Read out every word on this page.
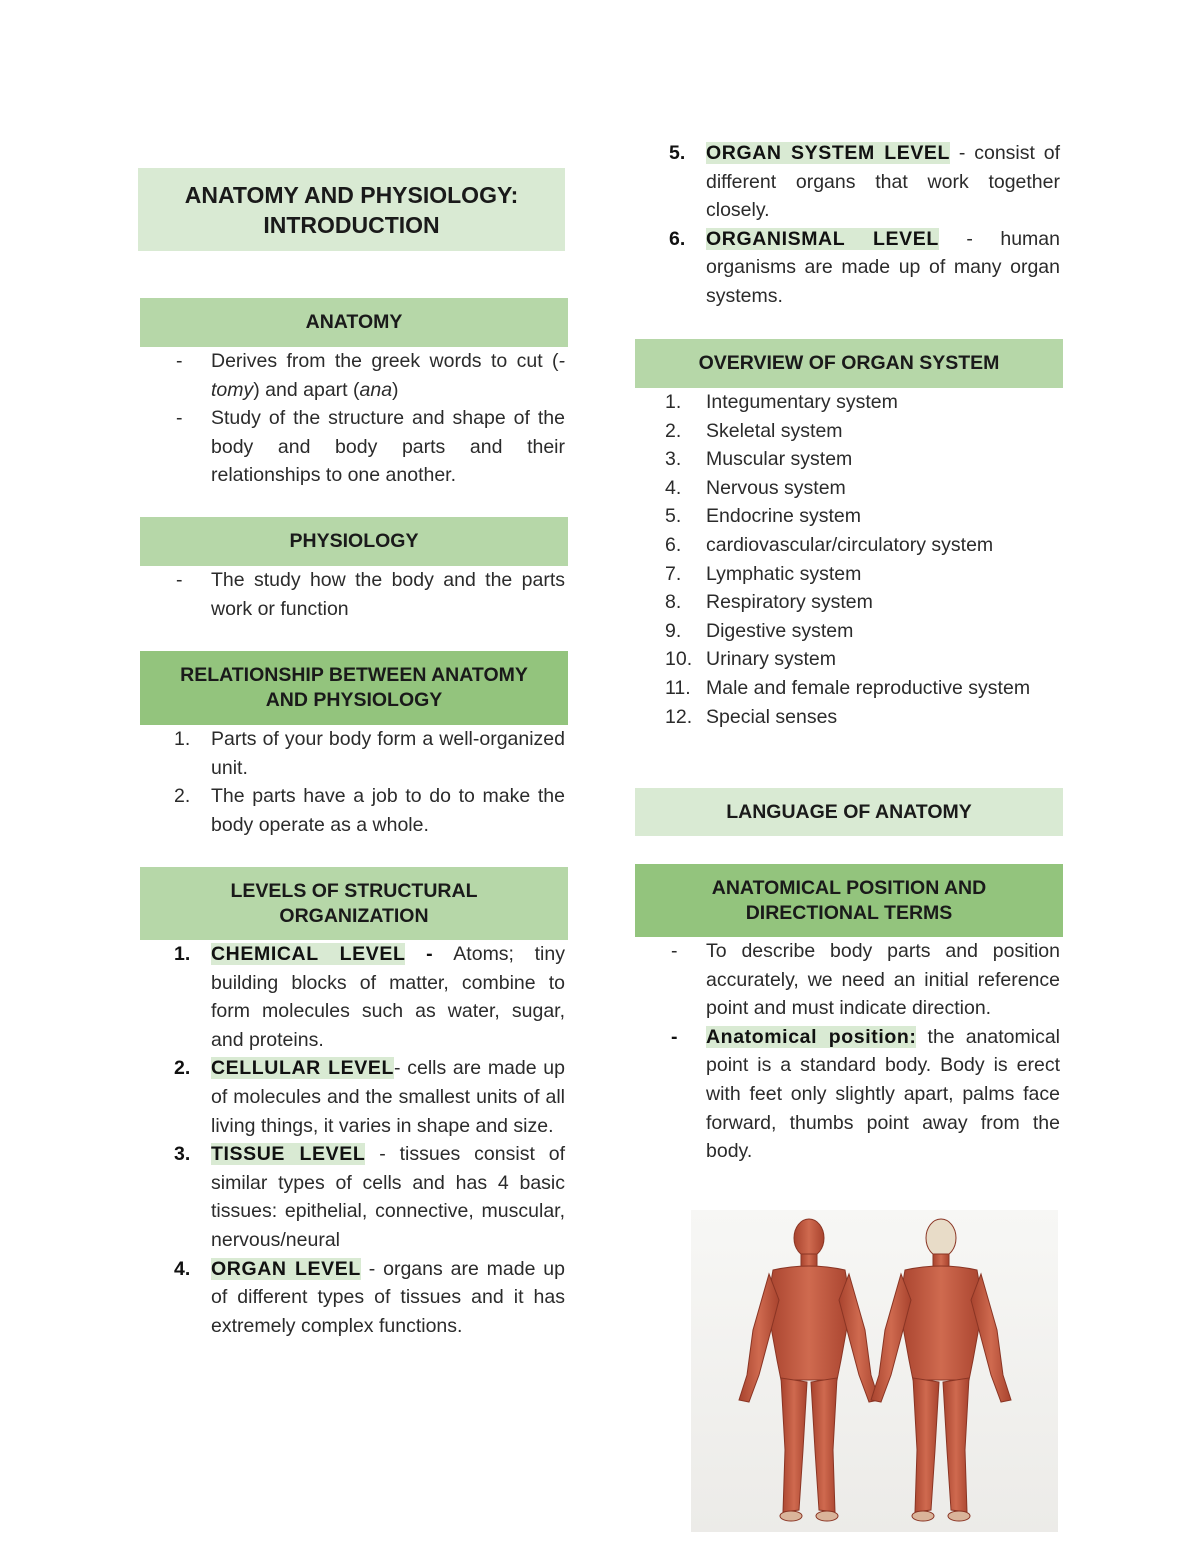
ANATOMY AND PHYSIOLOGY:
INTRODUCTION
ANATOMY
-	Derives from the greek words to cut (-tomy) and apart (ana)
-	Study of the structure and shape of the body and body parts and their relationships to one another.
PHYSIOLOGY
-	The study how the body and the parts work or function
RELATIONSHIP BETWEEN ANATOMY
AND PHYSIOLOGY
1.	Parts of your body form a well-organized unit.
2.	The parts have a job to do to make the body operate as a whole.
LEVELS OF STRUCTURAL
ORGANIZATION
1.	CHEMICAL LEVEL - Atoms; tiny building blocks of matter, combine to form molecules such as water, sugar, and proteins.
2.	CELLULAR LEVEL- cells are made up of molecules and the smallest units of all living things, it varies in shape and size.
3.	TISSUE LEVEL - tissues consist of similar types of cells and has 4 basic tissues: epithelial, connective, muscular, nervous/neural
4.	ORGAN LEVEL - organs are made up of different types of tissues and it has extremely complex functions.
5.	ORGAN SYSTEM LEVEL - consist of different organs that work together closely.
6.	ORGANISMAL LEVEL - human organisms are made up of many organ systems.
OVERVIEW OF ORGAN SYSTEM
1.	Integumentary system
2.	Skeletal system
3.	Muscular system
4.	Nervous system
5.	Endocrine system
6.	cardiovascular/circulatory system
7.	Lymphatic system
8.	Respiratory system
9.	Digestive system
10. Urinary system
11. Male and female reproductive system
12. Special senses
LANGUAGE OF ANATOMY
ANATOMICAL POSITION AND
DIRECTIONAL TERMS
-	To describe body parts and position accurately, we need an initial reference point and must indicate direction.
-	Anatomical position: the anatomical point is a standard body. Body is erect with feet only slightly apart, palms face forward, thumbs point away from the body.
